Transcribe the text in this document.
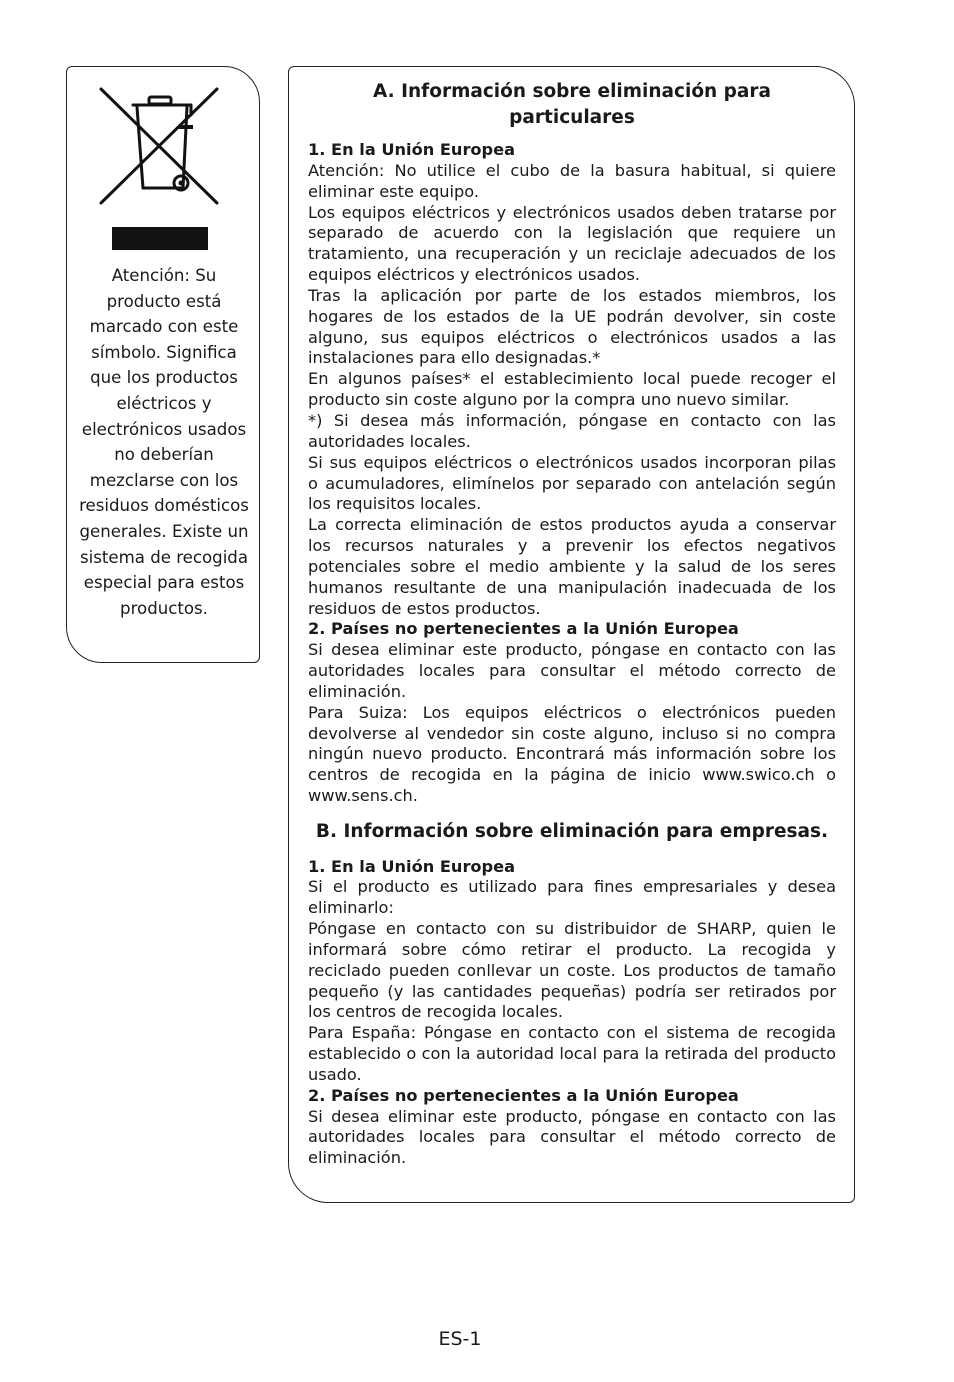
Atención: Su producto está marcado con este símbolo. Significa que los productos eléctricos y electrónicos usados no deberían mezclarse con los residuos domésticos generales. Existe un sistema de recogida especial para estos productos.

A. Información sobre eliminación para particulares

1. En la Unión Europea

Atención: No utilice el cubo de la basura habitual, si quiere eliminar este equipo.

Los equipos eléctricos y electrónicos usados deben tratarse por separado de acuerdo con la legislación que requiere un tratamiento, una recuperación y un reciclaje adecuados de los equipos eléctricos y electrónicos usados.

Tras la aplicación por parte de los estados miembros, los hogares de los estados de la UE podrán devolver, sin coste alguno, sus equipos eléctricos o electrónicos usados a las instalaciones para ello designadas.*

En algunos países* el establecimiento local puede recoger el producto sin coste alguno por la compra uno nuevo similar.

*) Si desea más información, póngase en contacto con las autoridades locales.

Si sus equipos eléctricos o electrónicos usados incorporan pilas o acumuladores, elimínelos por separado con antelación según los requisitos locales.

La correcta eliminación de estos productos ayuda a conservar los recursos naturales y a prevenir los efectos negativos potenciales sobre el medio ambiente y la salud de los seres humanos resultante de una manipulación inadecuada de los residuos de estos productos.

2. Países no pertenecientes a la Unión Europea

Si desea eliminar este producto, póngase en contacto con las autoridades locales para consultar el método correcto de eliminación.

Para Suiza: Los equipos eléctricos o electrónicos pueden devolverse al vendedor sin coste alguno, incluso si no compra ningún nuevo producto. Encontrará más información sobre los centros de recogida en la página de inicio www.swico.ch o www.sens.ch.

B. Información sobre eliminación para empresas.

1. En la Unión Europea

Si el producto es utilizado para fines empresariales y desea eliminarlo:

Póngase en contacto con su distribuidor de SHARP, quien le informará sobre cómo retirar el producto. La recogida y reciclado pueden conllevar un coste. Los productos de tamaño pequeño (y las cantidades pequeñas) podría ser retirados por los centros de recogida locales.

Para España: Póngase en contacto con el sistema de recogida establecido o con la autoridad local para la retirada del producto usado.

2. Países no pertenecientes a la Unión Europea

Si desea eliminar este producto, póngase en contacto con las autoridades locales para consultar el método correcto de eliminación.

ES-1
